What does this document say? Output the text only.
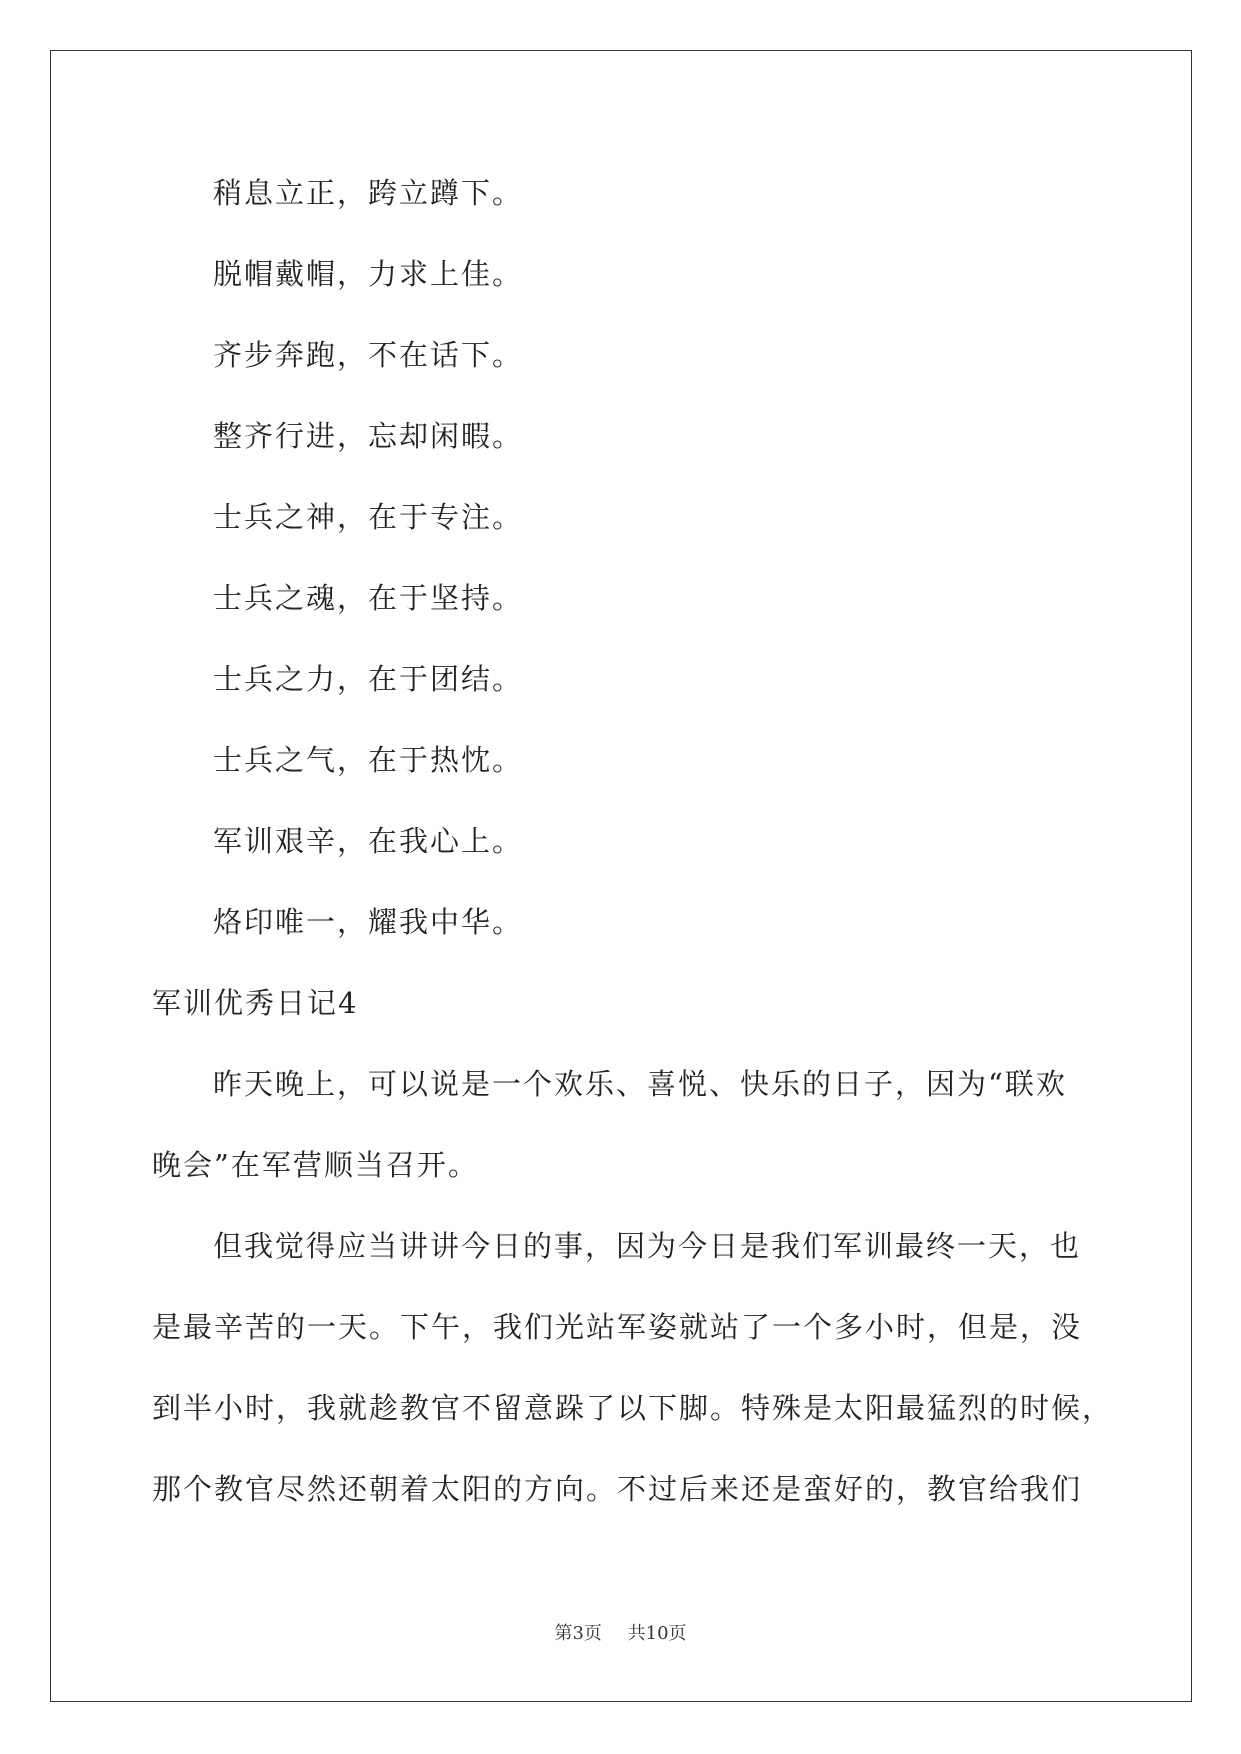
稍息立正，跨立蹲下。
脱帽戴帽，力求上佳。
齐步奔跑，不在话下。
整齐行进，忘却闲暇。
士兵之神，在于专注。
士兵之魂，在于坚持。
士兵之力，在于团结。
士兵之气，在于热忱。
军训艰辛，在我心上。
烙印唯一，耀我中华。
军训优秀日记4
昨天晚上，可以说是一个欢乐、喜悦、快乐的日子，因为“联欢
晚会”在军营顺当召开。
但我觉得应当讲讲今日的事，因为今日是我们军训最终一天，也
是最辛苦的一天。下午，我们光站军姿就站了一个多小时，但是，没
到半小时，我就趁教官不留意跺了以下脚。特殊是太阳最猛烈的时候，
那个教官尽然还朝着太阳的方向。不过后来还是蛮好的，教官给我们
第3页 共10页
